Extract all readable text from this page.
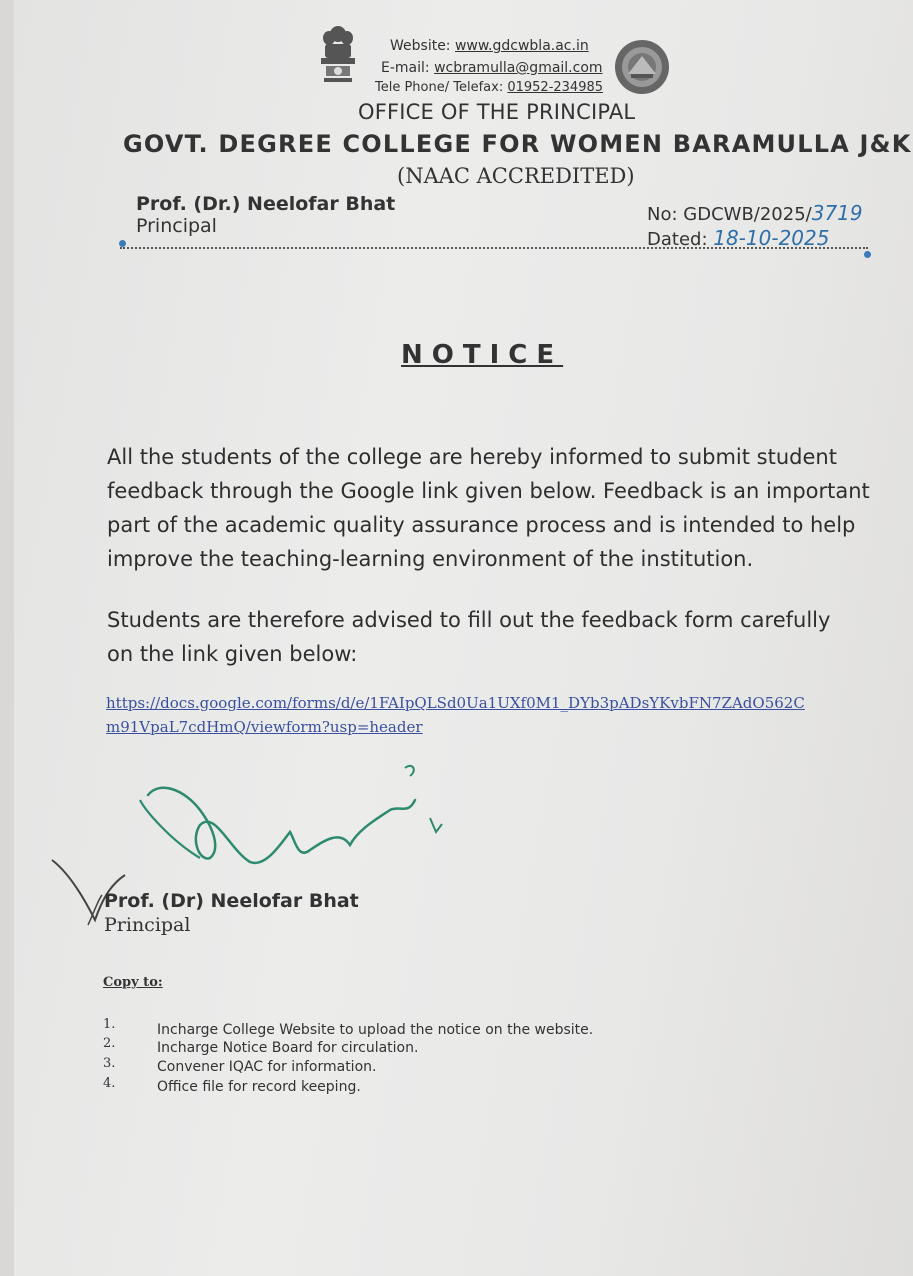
Website: www.gdcwbla.ac.in
E-mail: wcbramulla@gmail.com
Tele Phone/ Telefax: 01952-234985
OFFICE OF THE PRINCIPAL
GOVT. DEGREE COLLEGE FOR WOMEN BARAMULLA J&K
(NAAC ACCREDITED)
Prof. (Dr.) Neelofar Bhat
Principal
No: GDCWB/2025/3719
Dated: 18-10-2025
NOTICE
All the students of the college are hereby informed to submit student
feedback through the Google link given below. Feedback is an important
part of the academic quality assurance process and is intended to help
improve the teaching-learning environment of the institution.
Students are therefore advised to fill out the feedback form carefully
on the link given below:
https://docs.google.com/forms/d/e/1FAIpQLSd0Ua1UXf0M1_DYb3pADsYKvbFN7ZAdO562C
m91VpaL7cdHmQ/viewform?usp=header
Prof. (Dr) Neelofar Bhat
Principal
Copy to:
1.	Incharge College Website to upload the notice on the website.
2.	Incharge Notice Board for circulation.
3.	Convener IQAC for information.
4.	Office file for record keeping.
